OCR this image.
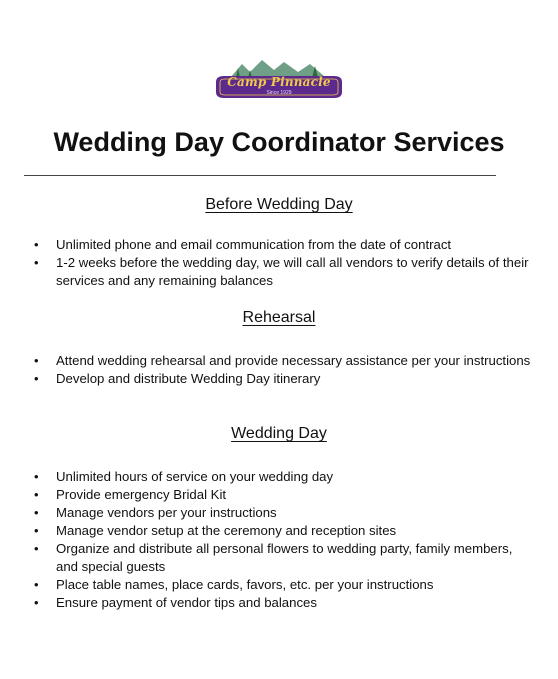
Camp Pinnacle
Since 1929
Wedding Day Coordinator Services
Before Wedding Day
• Unlimited phone and email communication from the date of contract
• 1-2 weeks before the wedding day, we will call all vendors to verify details of their services and any remaining balances
Rehearsal
• Attend wedding rehearsal and provide necessary assistance per your instructions
• Develop and distribute Wedding Day itinerary
Wedding Day
• Unlimited hours of service on your wedding day
• Provide emergency Bridal Kit
• Manage vendors per your instructions
• Manage vendor setup at the ceremony and reception sites
• Organize and distribute all personal flowers to wedding party, family members, and special guests
• Place table names, place cards, favors, etc. per your instructions
• Ensure payment of vendor tips and balances
